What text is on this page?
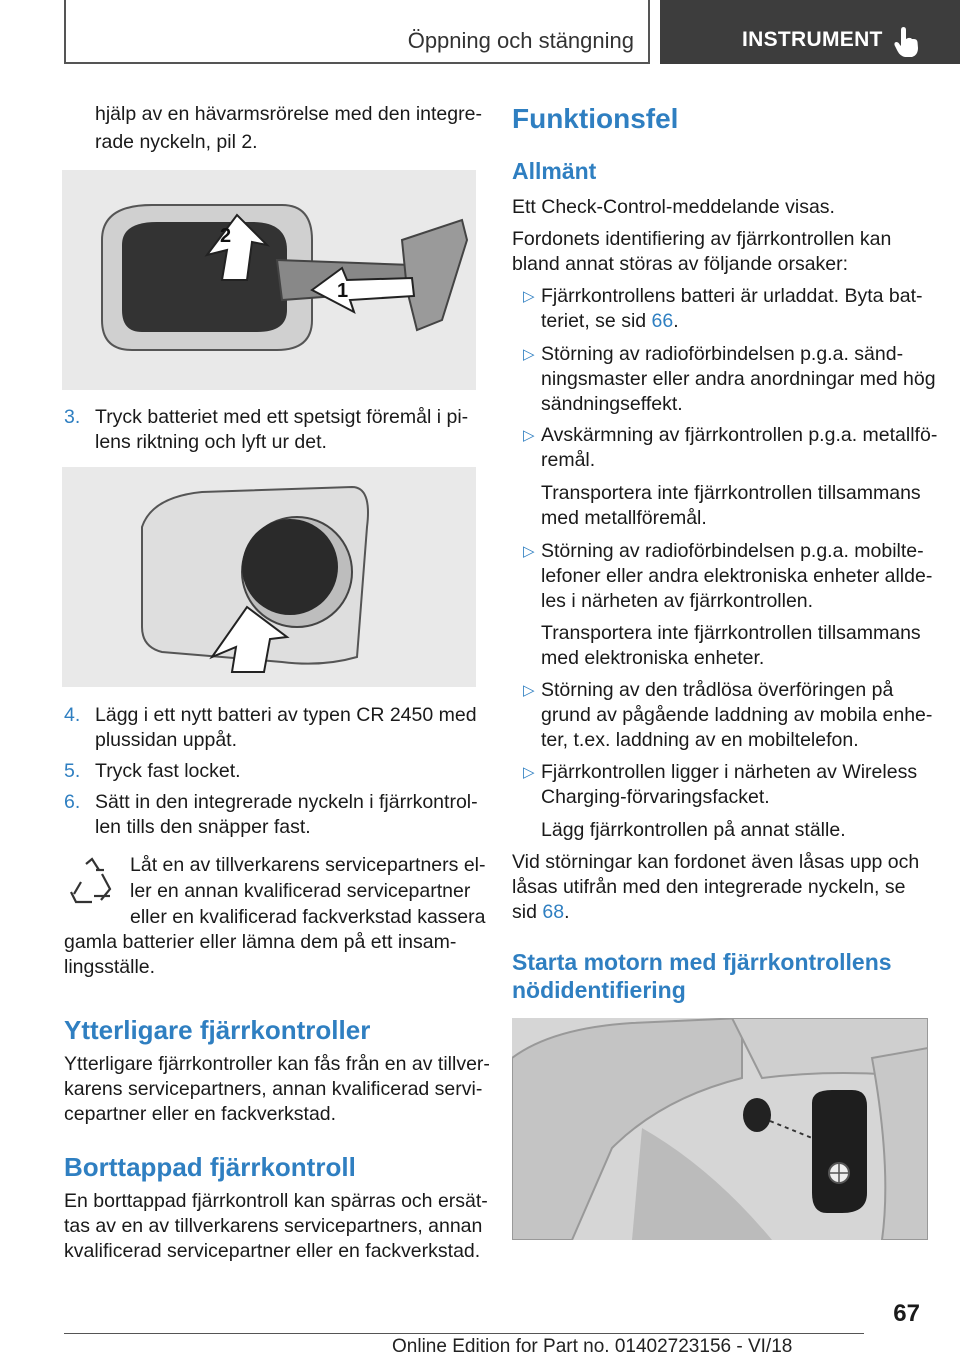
Öppning och stängning	INSTRUMENT

hjälp av en hävarmsrörelse med den integre-

rade nyckeln, pil 2.

2
1
3. Tryck batteriet med ett spetsigt föremål i pi-

lens riktning och lyft ur det.

4. Lägg i ett nytt batteri av typen CR 2450 med

plussidan uppåt.

5. Tryck fast locket.

6. Sätt in den integrerade nyckeln i fjärrkontrol-

len tills den snäpper fast.

Låt en av tillverkarens servicepartners el-

ler en annan kvalificerad servicepartner

eller en kvalificerad fackverkstad kassera

gamla batterier eller lämna dem på ett insam-

lingsställe.

Ytterligare fjärrkontroller

Ytterligare fjärrkontroller kan fås från en av tillver-

karens servicepartners, annan kvalificerad servi-

cepartner eller en fackverkstad.

Borttappad fjärrkontroll

En borttappad fjärrkontroll kan spärras och ersät-

tas av en av tillverkarens servicepartners, annan

kvalificerad servicepartner eller en fackverkstad.

Funktionsfel
Allmänt

Ett Check-Control-meddelande visas.

Fordonets identifiering av fjärrkontrollen kan

bland annat störas av följande orsaker:

▷ Fjärrkontrollens batteri är urladdat. Byta bat-

teriet, se sid 66.

▷ Störning av radioförbindelsen p.g.a. sänd-

ningsmaster eller andra anordningar med hög

sändningseffekt.

▷ Avskärmning av fjärrkontrollen p.g.a. metallfö-

remål.

Transportera inte fjärrkontrollen tillsammans

med metallföremål.

▷ Störning av radioförbindelsen p.g.a. mobilte-

lefoner eller andra elektroniska enheter allde-

les i närheten av fjärrkontrollen.

Transportera inte fjärrkontrollen tillsammans

med elektroniska enheter.

▷ Störning av den trådlösa överföringen på

grund av pågående laddning av mobila enhe-

ter, t.ex. laddning av en mobiltelefon.

▷ Fjärrkontrollen ligger i närheten av Wireless

Charging-förvaringsfacket.

Lägg fjärrkontrollen på annat ställe.

Vid störningar kan fordonet även låsas upp och

låsas utifrån med den integrerade nyckeln, se

sid 68.

Starta motorn med fjärrkontrollens
nödidentifiering
67
Online Edition for Part no. 01402723156 - VI/18
